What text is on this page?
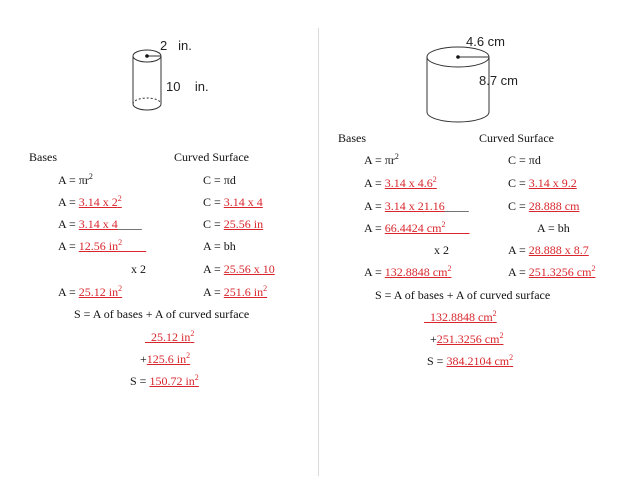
2 in.
10 in.
4.6 cm
8.7 cm
Bases	Curved Surface
$A = \pi r^2$
A = 3.14 x $2^2$
A = 3.14 x 4____
A = 12.56 $in^2\_\_\_\_$
x 2
A = 25.12 $in^2$
C = πd
C = 3.14 x 4
C = 25.56 in
A = bh
A = 25.56 x 10
A = 251.6 $in^2$
S = A of bases + A of curved surface
25.12 $in^2$
+125.6 $in^2$
S = 150.72 $in^2$
Bases	Curved Surface
$A = \pi r^2$
A = 3.14 x $4.6^2$
A = 3.14 x 21.16____
A = 66.4424 $cm^2\_\_\_\_$
x 2
A = 132.8848 $cm^2$
C = πd
C = 3.14 x 9.2
C = 28.888 cm
A = bh
A = 28.888 x 8.7
A = 251.3256 $cm^2$
S = A of bases + A of curved surface
132.8848 $cm^2$
+251.3256 $cm^2$
S = 384.2104 $cm^2$
